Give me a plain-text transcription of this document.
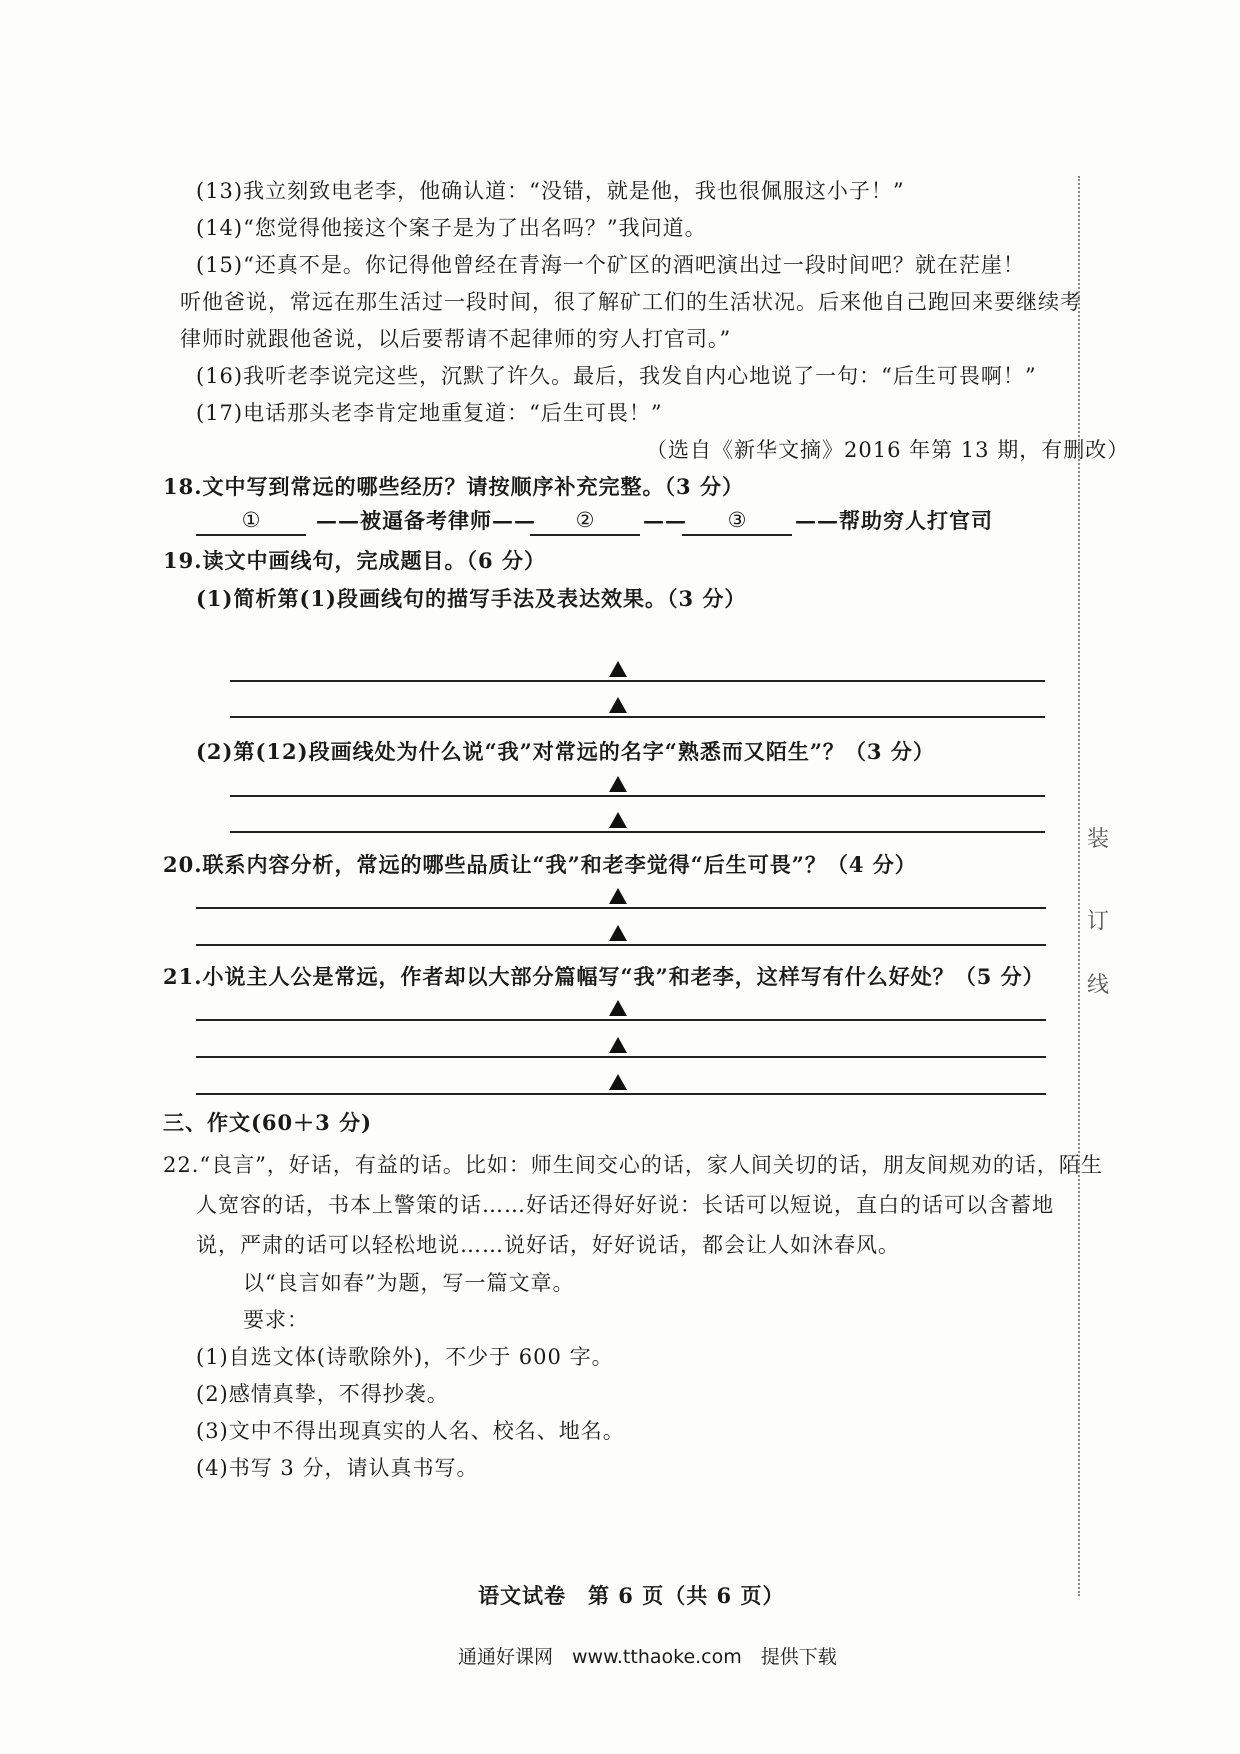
(13)我立刻致电老李，他确认道：“没错，就是他，我也很佩服这小子！”
(14)“您觉得他接这个案子是为了出名吗？”我问道。
(15)“还真不是。你记得他曾经在青海一个矿区的酒吧演出过一段时间吧？就在茫崖！
听他爸说，常远在那生活过一段时间，很了解矿工们的生活状况。后来他自己跑回来要继续考
律师时就跟他爸说，以后要帮请不起律师的穷人打官司。”
(16)我听老李说完这些，沉默了许久。最后，我发自内心地说了一句：“后生可畏啊！”
(17)电话那头老李肯定地重复道：“后生可畏！”
（选自《新华文摘》2016 年第 13 期，有删改）
18.文中写到常远的哪些经历？请按顺序补充完整。（3 分）
①	——被逼备考律师——	②	——	③	——帮助穷人打官司
19.读文中画线句，完成题目。（6 分）
(1)简析第(1)段画线句的描写手法及表达效果。（3 分）
(2)第(12)段画线处为什么说“我”对常远的名字“熟悉而又陌生”？（3 分）
20.联系内容分析，常远的哪些品质让“我”和老李觉得“后生可畏”？（4 分）
21.小说主人公是常远，作者却以大部分篇幅写“我”和老李，这样写有什么好处？（5 分）
三、作文(60＋3 分)
22.“良言”，好话，有益的话。比如：师生间交心的话，家人间关切的话，朋友间规劝的话，陌生
人宽容的话，书本上警策的话……好话还得好好说：长话可以短说，直白的话可以含蓄地
说，严肃的话可以轻松地说……说好话，好好说话，都会让人如沐春风。
以“良言如春”为题，写一篇文章。
要求：
(1)自选文体(诗歌除外)，不少于 600 字。
(2)感情真挚，不得抄袭。
(3)文中不得出现真实的人名、校名、地名。
(4)书写 3 分，请认真书写。
装
订
线
语文试卷　第 6 页（共 6 页）
通通好课网　www.tthaoke.com　提供下载
